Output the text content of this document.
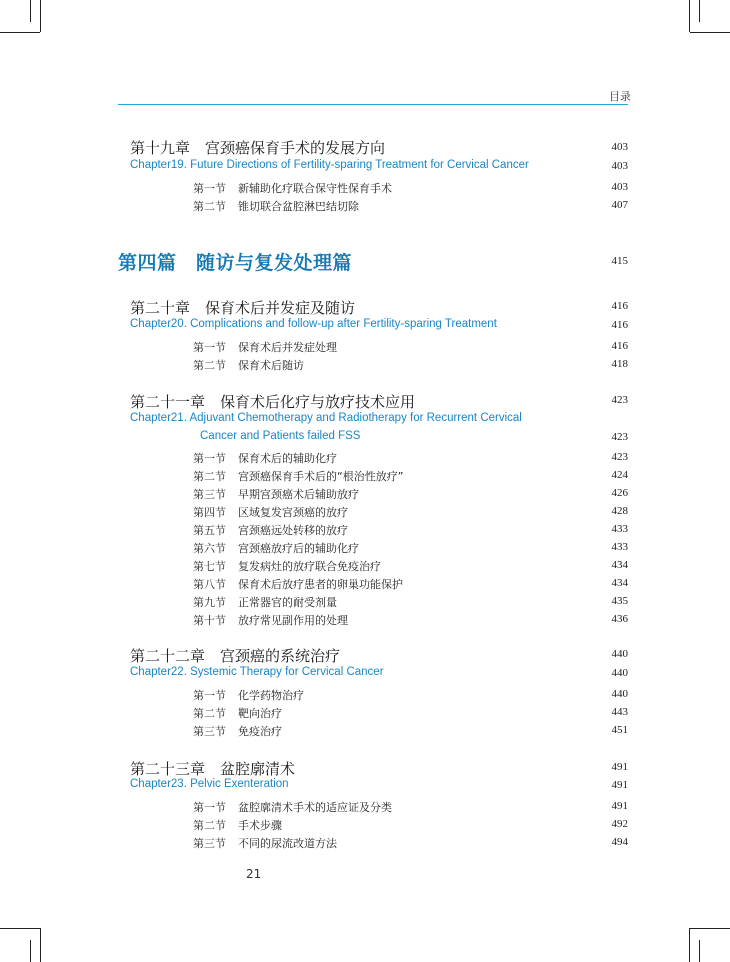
目录
第十九章　宫颈癌保育手术的发展方向	403
Chapter19. Future Directions of Fertility-sparing Treatment for Cervical Cancer	403
第一节 新辅助化疗联合保守性保育手术	403
第二节 锥切联合盆腔淋巴结切除	407
第四篇　随访与复发处理篇	415
第二十章　保育术后并发症及随访	416
Chapter20. Complications and follow-up after Fertility-sparing Treatment	416
第一节 保育术后并发症处理	416
第二节 保育术后随访	418
第二十一章　保育术后化疗与放疗技术应用	423
Chapter21. Adjuvant Chemotherapy and Radiotherapy for Recurrent Cervical
Cancer and Patients failed FSS	423
第一节 保育术后的辅助化疗	423
第二节 宫颈癌保育手术后的“根治性放疗”	424
第三节 早期宫颈癌术后辅助放疗	426
第四节 区域复发宫颈癌的放疗	428
第五节 宫颈癌远处转移的放疗	433
第六节 宫颈癌放疗后的辅助化疗	433
第七节 复发病灶的放疗联合免疫治疗	434
第八节 保育术后放疗患者的卵巢功能保护	434
第九节 正常器官的耐受剂量	435
第十节 放疗常见副作用的处理	436
第二十二章　宫颈癌的系统治疗	440
Chapter22. Systemic Therapy for Cervical Cancer	440
第一节 化学药物治疗	440
第二节 靶向治疗	443
第三节 免疫治疗	451
第二十三章　盆腔廓清术	491
Chapter23. Pelvic Exenteration	491
第一节 盆腔廓清术手术的适应证及分类	491
第二节 手术步骤	492
第三节 不同的尿流改道方法	494
21
